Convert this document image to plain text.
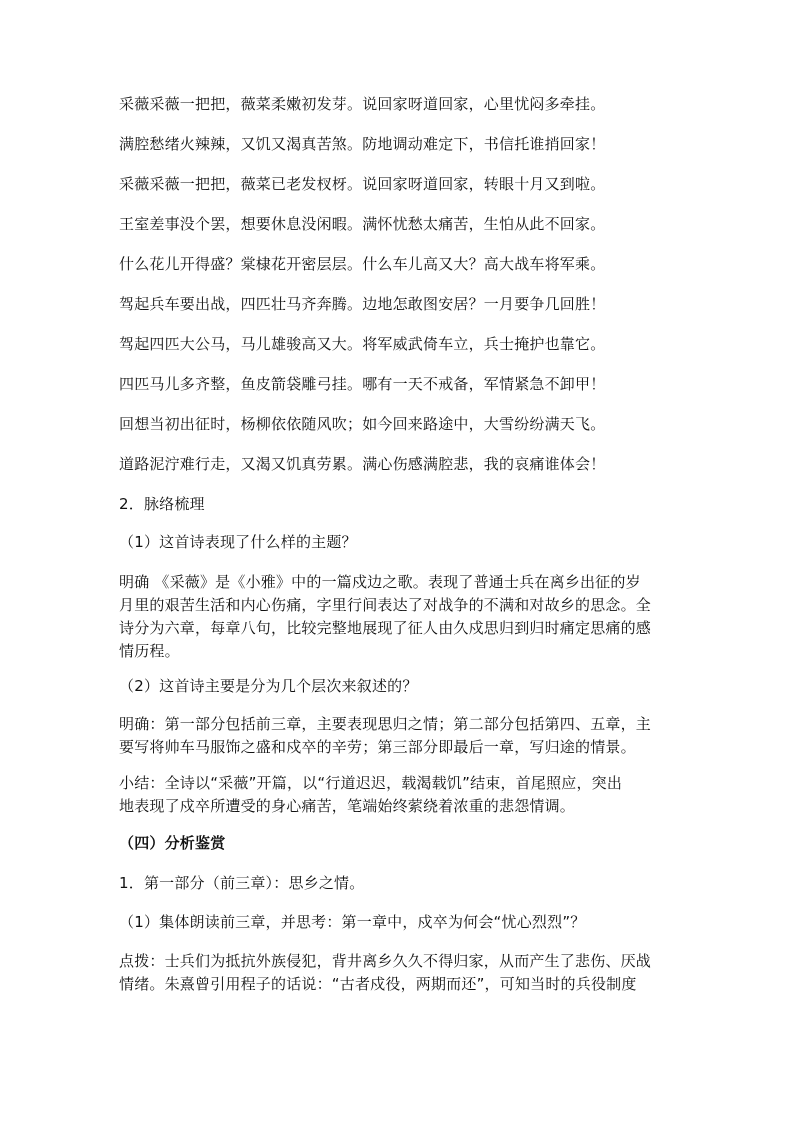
采薇采薇一把把，薇菜柔嫩初发芽。说回家呀道回家，心里忧闷多牵挂。
满腔愁绪火辣辣，又饥又渴真苦煞。防地调动难定下，书信托谁捎回家！
采薇采薇一把把，薇菜已老发杈枒。说回家呀道回家，转眼十月又到啦。
王室差事没个罢，想要休息没闲暇。满怀忧愁太痛苦，生怕从此不回家。
什么花儿开得盛？棠棣花开密层层。什么车儿高又大？高大战车将军乘。
驾起兵车要出战，四匹壮马齐奔腾。边地怎敢图安居？一月要争几回胜！
驾起四匹大公马，马儿雄骏高又大。将军威武倚车立，兵士掩护也靠它。
四匹马儿多齐整，鱼皮箭袋雕弓挂。哪有一天不戒备，军情紧急不卸甲！
回想当初出征时，杨柳依依随风吹；如今回来路途中，大雪纷纷满天飞。
道路泥泞难行走，又渴又饥真劳累。满心伤感满腔悲，我的哀痛谁体会！
2．脉络梳理
（1）这首诗表现了什么样的主题？
明确 《采薇》是《小雅》中的一篇戍边之歌。表现了普通士兵在离乡出征的岁
月里的艰苦生活和内心伤痛，字里行间表达了对战争的不满和对故乡的思念。全
诗分为六章，每章八句，比较完整地展现了征人由久戍思归到归时痛定思痛的感
情历程。
（2）这首诗主要是分为几个层次来叙述的？
明确：第一部分包括前三章，主要表现思归之情；第二部分包括第四、五章，主
要写将帅车马服饰之盛和戍卒的辛劳；第三部分即最后一章，写归途的情景。
小结：全诗以“采薇”开篇，以“行道迟迟，载渴载饥”结束，首尾照应，突出
地表现了戍卒所遭受的身心痛苦，笔端始终萦绕着浓重的悲怨情调。
（四）分析鉴赏
1．第一部分（前三章）：思乡之情。
（1）集体朗读前三章，并思考：第一章中，戍卒为何会“忧心烈烈”？
点拨：士兵们为抵抗外族侵犯，背井离乡久久不得归家，从而产生了悲伤、厌战
情绪。朱熹曾引用程子的话说：“古者戍役，两期而还”，可知当时的兵役制度
